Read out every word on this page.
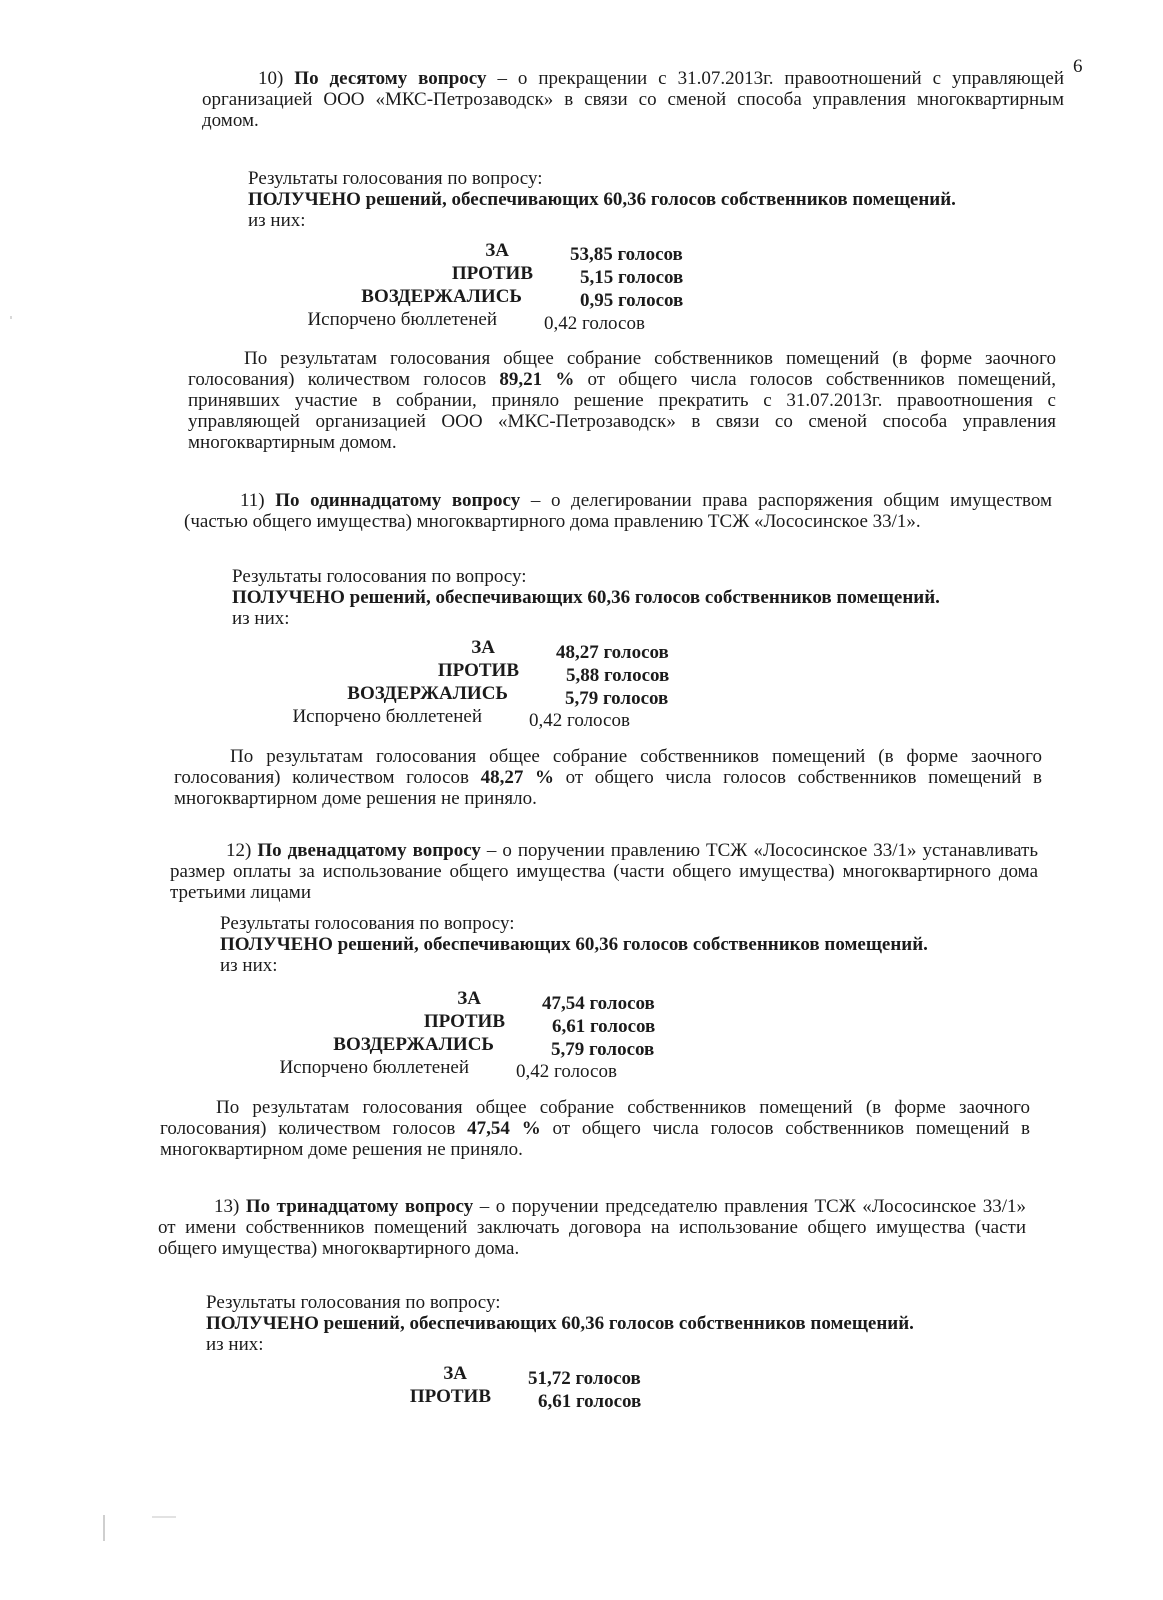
6

10) По десятому вопросу – о прекращении с 31.07.2013г. правоотношений с управляющей организацией ООО «МКС-Петрозаводск» в связи со сменой способа управления многоквартирным домом.

Результаты голосования по вопросу:

ПОЛУЧЕНО решений, обеспечивающих 60,36 голосов собственников помещений.

из них:

ЗА	53,85 голосов
ПРОТИВ 5,15 голосов
ВОЗДЕРЖАЛИСЬ	0,95 голосов
Испорчено бюллетеней 0,42 голосов

По результатам голосования общее собрание собственников помещений (в форме заочного голосования) количеством голосов 89,21 % от общего числа голосов собственников помещений, принявших участие в собрании, приняло решение прекратить с 31.07.2013г. правоотношения с управляющей организацией ООО «МКС-Петрозаводск» в связи со сменой способа управления многоквартирным домом.

11) По одиннадцатому вопросу – о делегировании права распоряжения общим имуществом (частью общего имущества) многоквартирного дома правлению ТСЖ «Лососинское 33/1».

Результаты голосования по вопросу:

ПОЛУЧЕНО решений, обеспечивающих 60,36 голосов собственников помещений.

из них:

ЗА	48,27 голосов
ПРОТИВ 5,88 голосов
ВОЗДЕРЖАЛИСЬ	5,79 голосов
Испорчено бюллетеней 0,42 голосов

По результатам голосования общее собрание собственников помещений (в форме заочного голосования) количеством голосов 48,27 % от общего числа голосов собственников помещений в многоквартирном доме решения не приняло.

12) По двенадцатому вопросу – о поручении правлению ТСЖ «Лососинское 33/1» устанавливать размер оплаты за использование общего имущества (части общего имущества) многоквартирного дома третьими лицами

Результаты голосования по вопросу:

ПОЛУЧЕНО решений, обеспечивающих 60,36 голосов собственников помещений.

из них:

ЗА	47,54 голосов
ПРОТИВ 6,61 голосов
ВОЗДЕРЖАЛИСЬ	5,79 голосов
Испорчено бюллетеней 0,42 голосов

По результатам голосования общее собрание собственников помещений (в форме заочного голосования) количеством голосов 47,54 % от общего числа голосов собственников помещений в многоквартирном доме решения не приняло.

13) По тринадцатому вопросу – о поручении председателю правления ТСЖ «Лососинское 33/1» от имени собственников помещений заключать договора на использование общего имущества (части общего имущества) многоквартирного дома.

Результаты голосования по вопросу:

ПОЛУЧЕНО решений, обеспечивающих 60,36 голосов собственников помещений.

из них:

ЗА	51,72 голосов
ПРОТИВ 6,61 голосов
